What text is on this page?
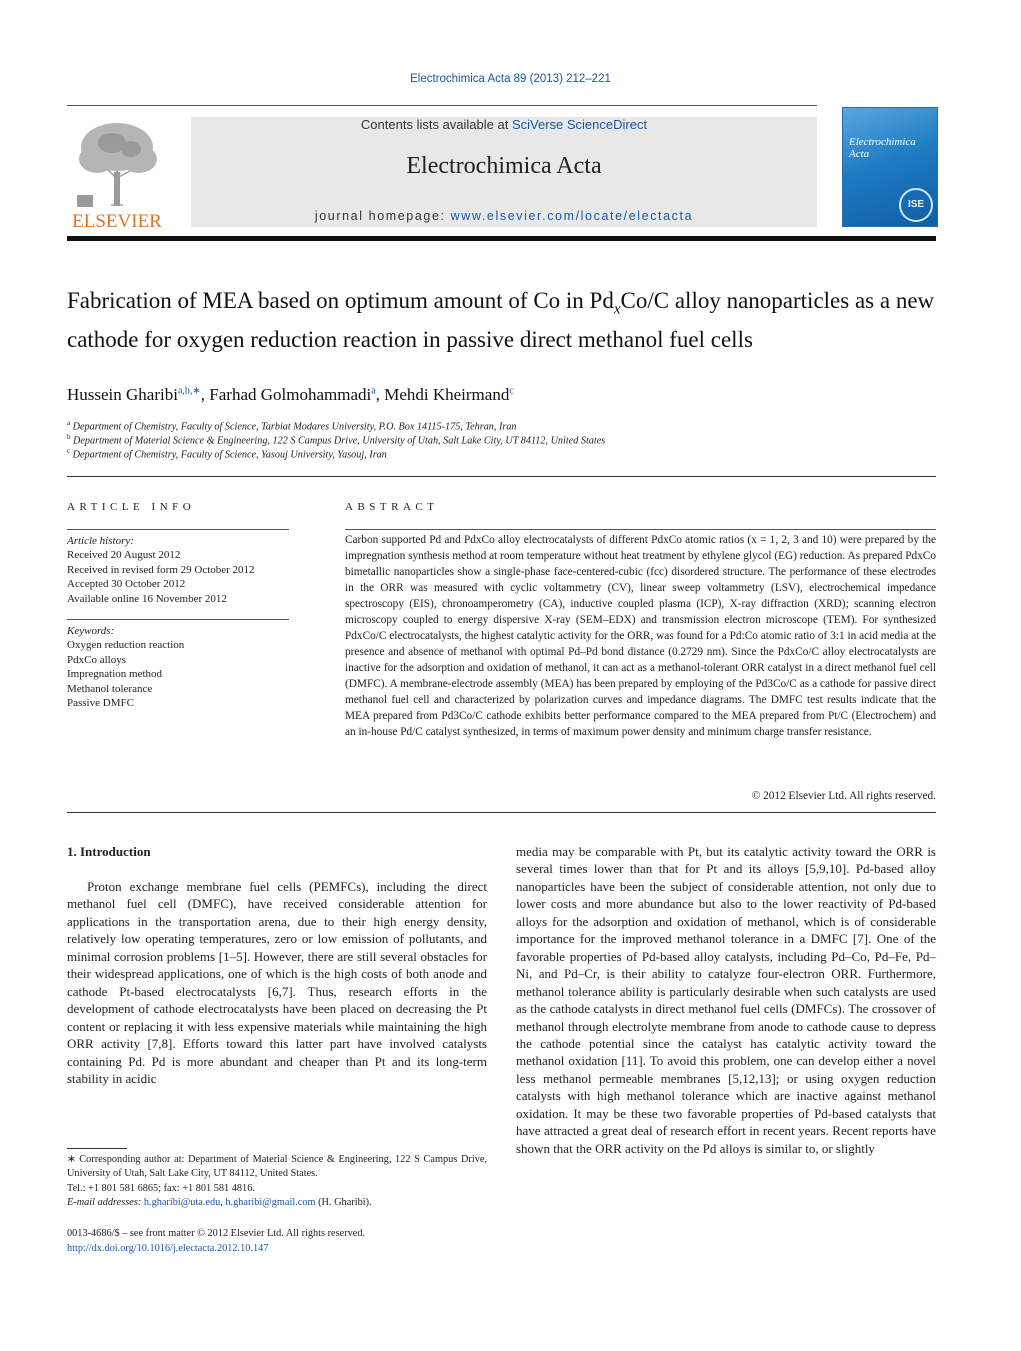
Electrochimica Acta 89 (2013) 212–221
ELSEVIER
Contents lists available at SciVerse ScienceDirect
Electrochimica Acta
journal homepage: www.elsevier.com/locate/electacta
Electrochimica Acta
ISE
Fabrication of MEA based on optimum amount of Co in $Pd_xCo/C$ alloy nanoparticles as a new cathode for oxygen reduction reaction in passive direct methanol fuel cells
Hussein Gharibi$^{a,b,∗}$, Farhad Golmohammadi$^a$, Mehdi Kheirmand$^c$
$^a$ Department of Chemistry, Faculty of Science, Tarbiat Modares University, P.O. Box 14115-175, Tehran, Iran
$^b$ Department of Material Science & Engineering, 122 S Campus Drive, University of Utah, Salt Lake City, UT 84112, United States
$^c$ Department of Chemistry, Faculty of Science, Yasouj University, Yasouj, Iran
ARTICLE INFO
Article history:
Received 20 August 2012
Received in revised form 29 October 2012
Accepted 30 October 2012
Available online 16 November 2012
Keywords:
Oxygen reduction reaction
PdxCo alloys
Impregnation method
Methanol tolerance
Passive DMFC
ABSTRACT
Carbon supported Pd and PdxCo alloy electrocatalysts of different PdxCo atomic ratios (x = 1, 2, 3 and 10) were prepared by the impregnation synthesis method at room temperature without heat treatment by ethylene glycol (EG) reduction. As prepared PdxCo bimetallic nanoparticles show a single-phase face-centered-cubic (fcc) disordered structure. The performance of these electrodes in the ORR was measured with cyclic voltammetry (CV), linear sweep voltammetry (LSV), electrochemical impedance spectroscopy (EIS), chronoamperometry (CA), inductive coupled plasma (ICP), X-ray diffraction (XRD); scanning electron microscopy coupled to energy dispersive X-ray (SEM–EDX) and transmission electron microscope (TEM). For synthesized PdxCo/C electrocatalysts, the highest catalytic activity for the ORR, was found for a Pd:Co atomic ratio of 3:1 in acid media at the presence and absence of methanol with optimal Pd–Pd bond distance (0.2729 nm). Since the PdxCo/C alloy electrocatalysts are inactive for the adsorption and oxidation of methanol, it can act as a methanol-tolerant ORR catalyst in a direct methanol fuel cell (DMFC). A membrane-electrode assembly (MEA) has been prepared by employing of the Pd3Co/C as a cathode for passive direct methanol fuel cell and characterized by polarization curves and impedance diagrams. The DMFC test results indicate that the MEA prepared from Pd3Co/C cathode exhibits better performance compared to the MEA prepared from Pt/C (Electrochem) and an in-house Pd/C catalyst synthesized, in terms of maximum power density and minimum charge transfer resistance.
© 2012 Elsevier Ltd. All rights reserved.
1. Introduction

Proton exchange membrane fuel cells (PEMFCs), including the direct methanol fuel cell (DMFC), have received considerable attention for applications in the transportation arena, due to their high energy density, relatively low operating temperatures, zero or low emission of pollutants, and minimal corrosion problems [1–5]. However, there are still several obstacles for their widespread applications, one of which is the high costs of both anode and cathode Pt-based electrocatalysts [6,7]. Thus, research efforts in the development of cathode electrocatalysts have been placed on decreasing the Pt content or replacing it with less expensive materials while maintaining the high ORR activity [7,8]. Efforts toward this latter part have involved catalysts containing Pd. Pd is more abundant and cheaper than Pt and its long-term stability in acidic

media may be comparable with Pt, but its catalytic activity toward the ORR is several times lower than that for Pt and its alloys [5,9,10]. Pd-based alloy nanoparticles have been the subject of considerable attention, not only due to lower costs and more abundance but also to the lower reactivity of Pd-based alloys for the adsorption and oxidation of methanol, which is of considerable importance for the improved methanol tolerance in a DMFC [7]. One of the favorable properties of Pd-based alloy catalysts, including Pd–Co, Pd–Fe, Pd–Ni, and Pd–Cr, is their ability to catalyze four-electron ORR. Furthermore, methanol tolerance ability is particularly desirable when such catalysts are used as the cathode catalysts in direct methanol fuel cells (DMFCs). The crossover of methanol through electrolyte membrane from anode to cathode cause to depress the cathode potential since the catalyst has catalytic activity toward the methanol oxidation [11]. To avoid this problem, one can develop either a novel less methanol permeable membranes [5,12,13]; or using oxygen reduction catalysts with high methanol tolerance which are inactive against methanol oxidation. It may be these two favorable properties of Pd-based catalysts that have attracted a great deal of research effort in recent years. Recent reports have shown that the ORR activity on the Pd alloys is similar to, or slightly

∗ Corresponding author at: Department of Material Science & Engineering, 122 S Campus Drive, University of Utah, Salt Lake City, UT 84112, United States.
Tel.: +1 801 581 6865; fax: +1 801 581 4816.
E-mail addresses: h.gharibi@uta.edu, h.gharibi@gmail.com (H. Gharibi).
0013-4686/$ – see front matter © 2012 Elsevier Ltd. All rights reserved.
http://dx.doi.org/10.1016/j.electacta.2012.10.147
